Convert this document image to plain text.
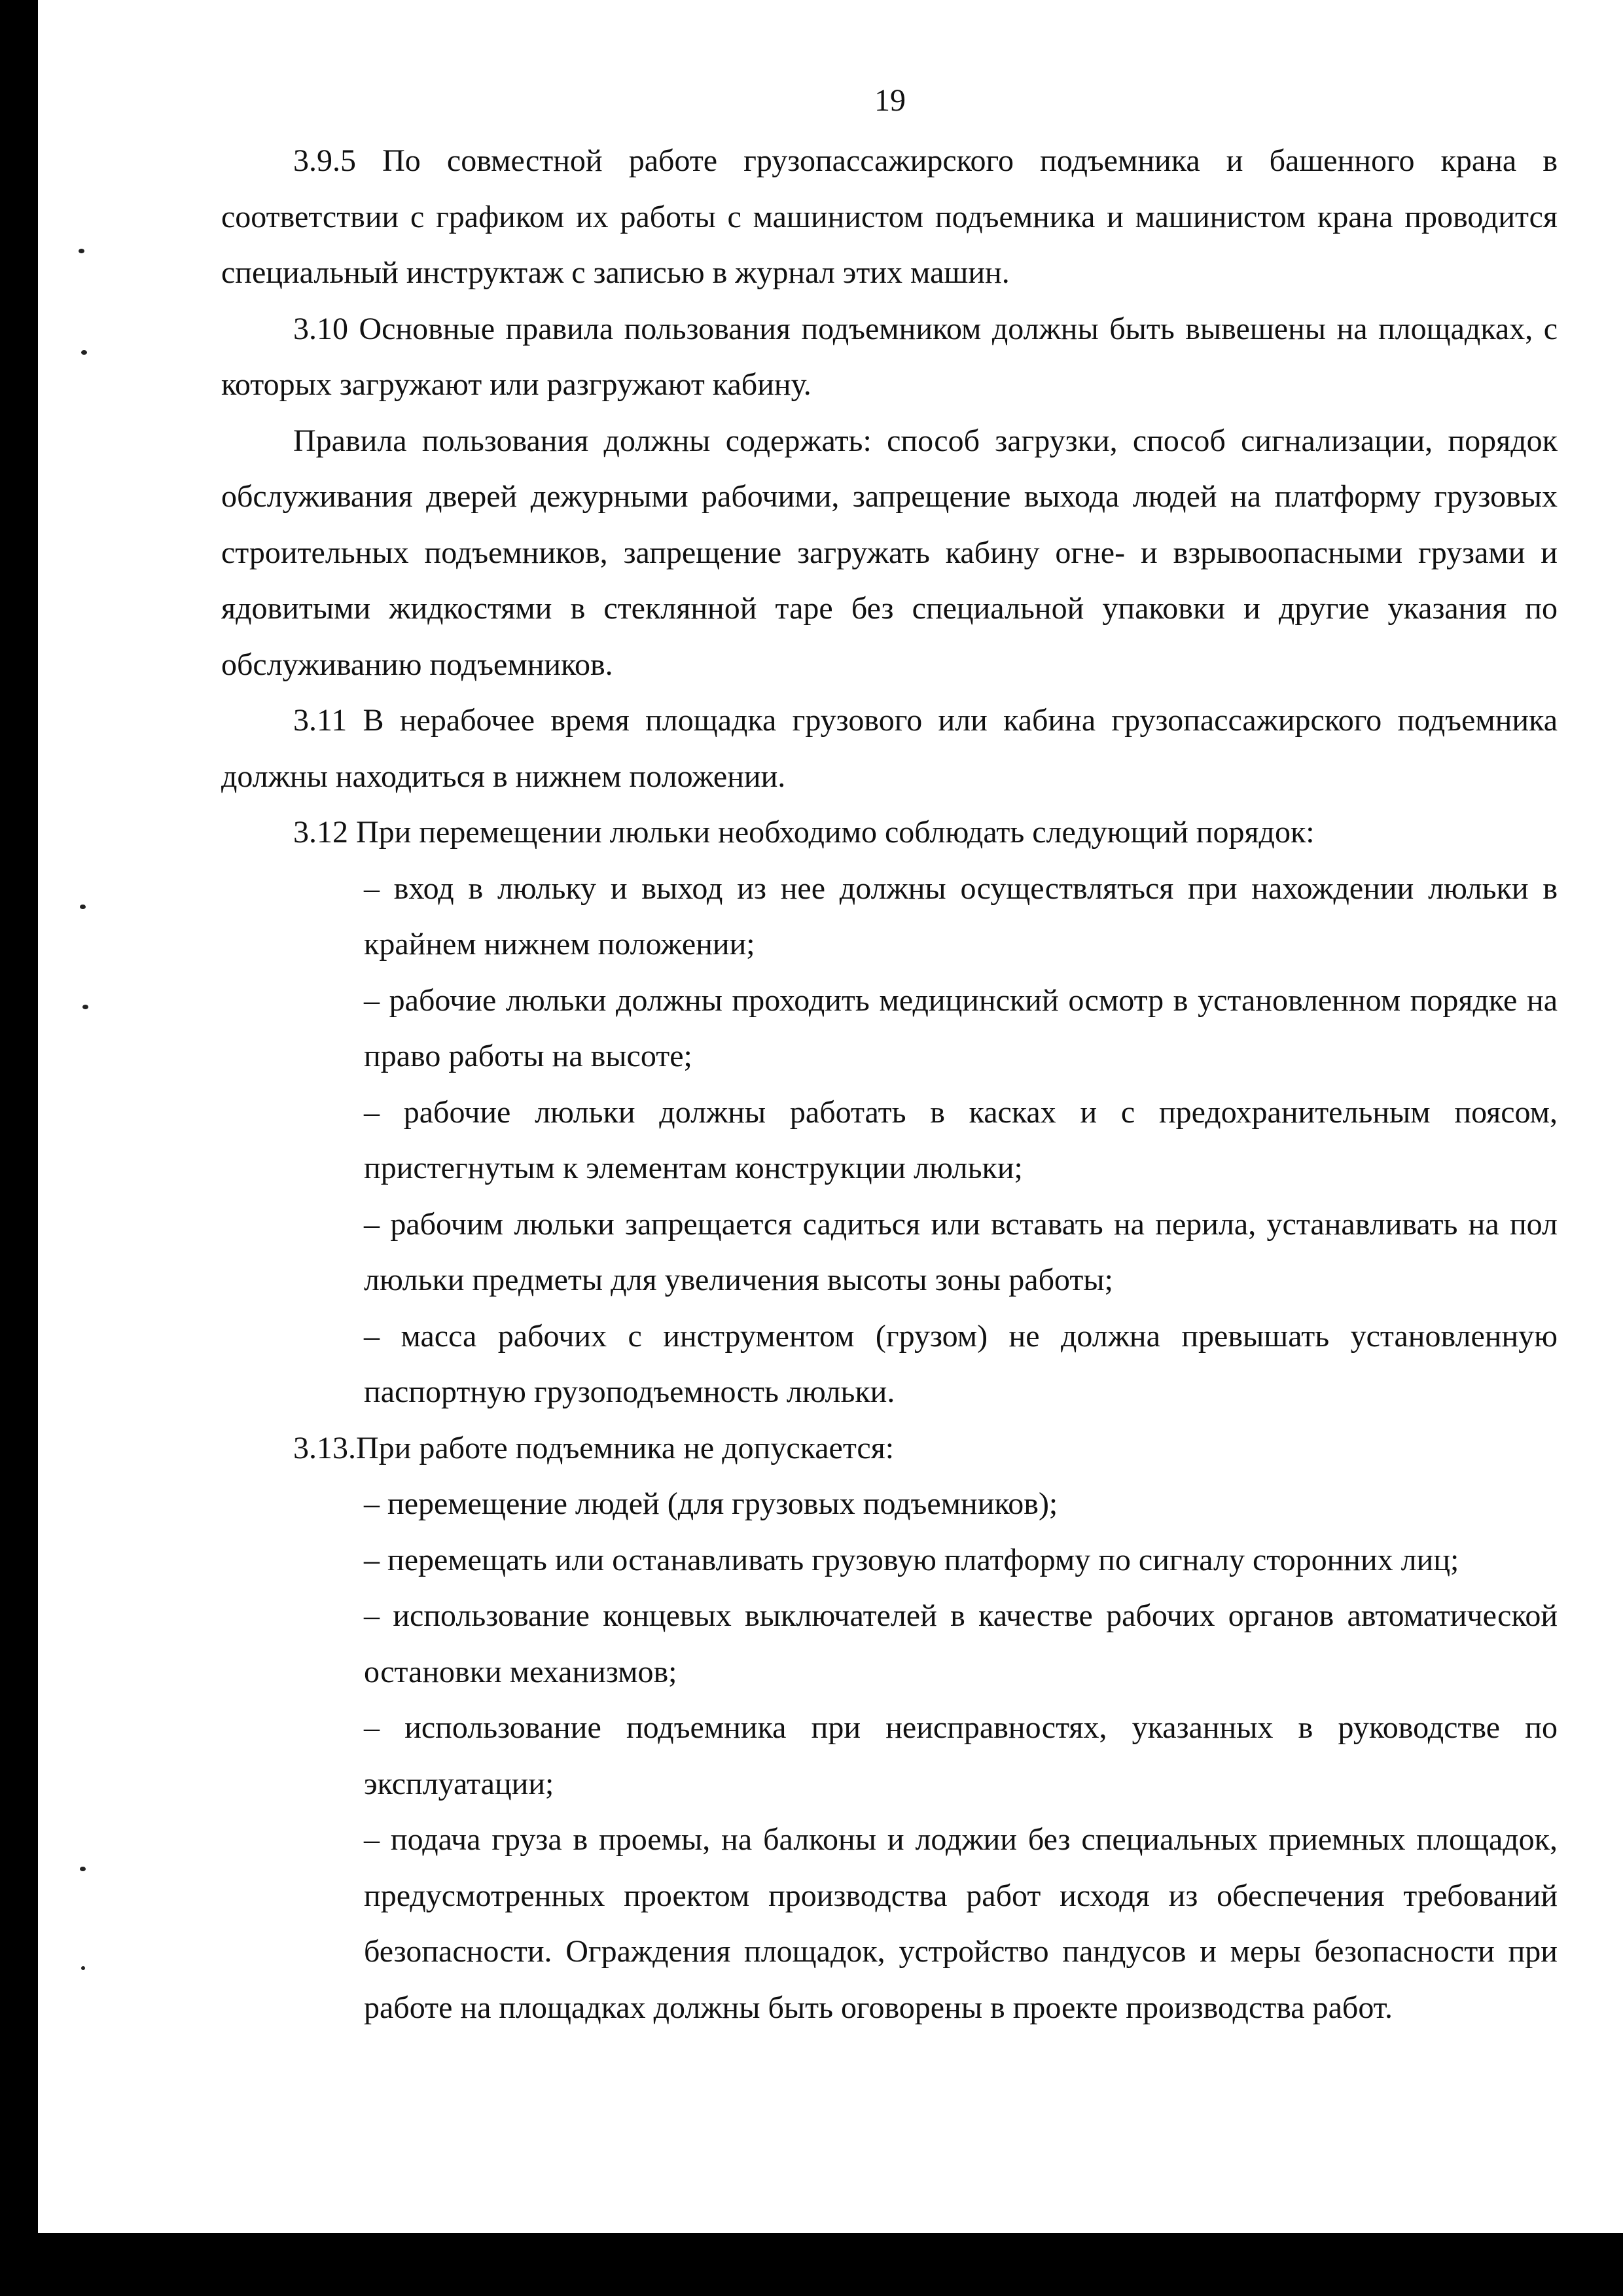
19

3.9.5 По совместной работе грузопассажирского подъемника и башенного крана в соответствии с графиком их работы с машинистом подъемника и машинистом крана проводится специальный инструктаж с записью в журнал этих машин.

3.10 Основные правила пользования подъемником должны быть вывешены на площадках, с которых загружают или разгружают кабину.

Правила пользования должны содержать: способ загрузки, способ сигнализации, порядок обслуживания дверей дежурными рабочими, запрещение выхода людей на платформу грузовых строительных подъемников, запрещение загружать кабину огне- и взрывоопасными грузами и ядовитыми жидкостями в стеклянной таре без специальной упаковки и другие указания по обслуживанию подъемников.

3.11 В нерабочее время площадка грузового или кабина грузопассажирского подъемника должны находиться в нижнем положении.

3.12 При перемещении люльки необходимо соблюдать следующий порядок:

– вход в люльку и выход из нее должны осуществляться при нахождении люльки в крайнем нижнем положении;

– рабочие люльки должны проходить медицинский осмотр в установленном порядке на право работы на высоте;

– рабочие люльки должны работать в касках и с предохранительным поясом, пристегнутым к элементам конструкции люльки;

– рабочим люльки запрещается садиться или вставать на перила, устанавливать на пол люльки предметы для увеличения высоты зоны работы;

– масса рабочих с инструментом (грузом) не должна превышать установленную паспортную грузоподъемность люльки.

3.13.При работе подъемника не допускается:

– перемещение людей (для грузовых подъемников);

– перемещать или останавливать грузовую платформу по сигналу сторонних лиц;

– использование концевых выключателей в качестве рабочих органов автоматической остановки механизмов;

– использование подъемника при неисправностях, указанных в руководстве по эксплуатации;

– подача груза в проемы, на балконы и лоджии без специальных приемных площадок, предусмотренных проектом производства работ исходя из обеспечения требований безопасности. Ограждения площадок, устройство пандусов и меры безопасности при работе на площадках должны быть оговорены в проекте производства работ.
